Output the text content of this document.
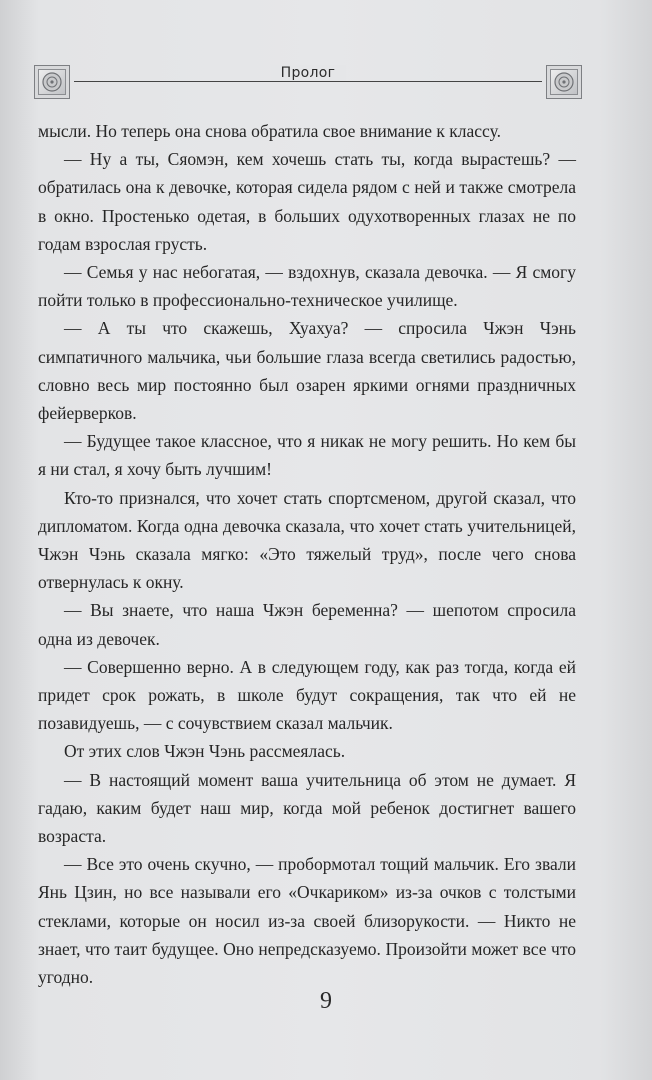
Пролог

мысли. Но теперь она снова обратила свое внимание к классу.

— Ну а ты, Сяомэн, кем хочешь стать ты, когда вырастешь? — обратилась она к девочке, которая сидела рядом с ней и также смотрела в окно. Простенько одетая, в больших одухотворенных глазах не по годам взрослая грусть.

— Семья у нас небогатая, — вздохнув, сказала девочка. — Я смогу пойти только в профессионально-техническое училище.

— А ты что скажешь, Хуахуа? — спросила Чжэн Чэнь симпатичного мальчика, чьи большие глаза всегда светились радостью, словно весь мир постоянно был озарен яркими огнями праздничных фейерверков.

— Будущее такое классное, что я никак не могу решить. Но кем бы я ни стал, я хочу быть лучшим!

Кто-то признался, что хочет стать спортсменом, другой сказал, что дипломатом. Когда одна девочка сказала, что хочет стать учительницей, Чжэн Чэнь сказала мягко: «Это тяжелый труд», после чего снова отвернулась к окну.

— Вы знаете, что наша Чжэн беременна? — шепотом спросила одна из девочек.

— Совершенно верно. А в следующем году, как раз тогда, когда ей придет срок рожать, в школе будут сокращения, так что ей не позавидуешь, — с сочувствием сказал мальчик.

От этих слов Чжэн Чэнь рассмеялась.

— В настоящий момент ваша учительница об этом не думает. Я гадаю, каким будет наш мир, когда мой ребенок достигнет вашего возраста.

— Все это очень скучно, — пробормотал тощий мальчик. Его звали Янь Цзин, но все называли его «Очкариком» из-за очков с толстыми стеклами, которые он носил из-за своей близорукости. — Никто не знает, что таит будущее. Оно непредсказуемо. Произойти может все что угодно.

9
